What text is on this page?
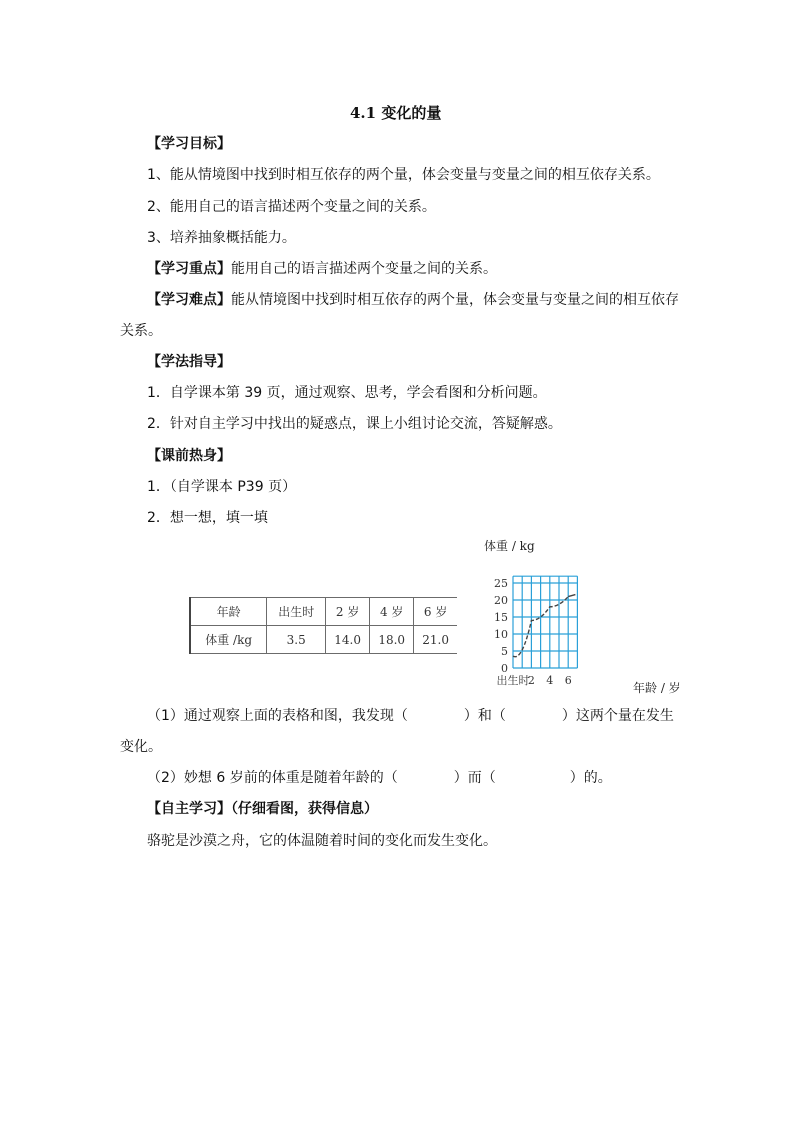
4.1 变化的量
【学习目标】
1、能从情境图中找到时相互依存的两个量，体会变量与变量之间的相互依存关系。
2、能用自己的语言描述两个变量之间的关系。
3、培养抽象概括能力。
【学习重点】能用自己的语言描述两个变量之间的关系。
【学习难点】能从情境图中找到时相互依存的两个量，体会变量与变量之间的相互依存
关系。
【学法指导】
1．自学课本第 39 页，通过观察、思考，学会看图和分析问题。
2．针对自主学习中找出的疑惑点，课上小组讨论交流，答疑解惑。
【课前热身】
1．（自学课本 P39 页）
2．想一想，填一填
年龄	出生时	2 岁	4 岁	6 岁
体重 /kg	3.5	14.0	18.0	21.0
体重 / kg
年龄 / 岁
0
5
10
15
20
25
出生时
2 4 6
（1）通过观察上面的表格和图，我发现（	）和（	）这两个量在发生
变化。
（2）妙想 6 岁前的体重是随着年龄的（	）而（	）的。
【自主学习】（仔细看图，获得信息）
骆驼是沙漠之舟，它的体温随着时间的变化而发生变化。
